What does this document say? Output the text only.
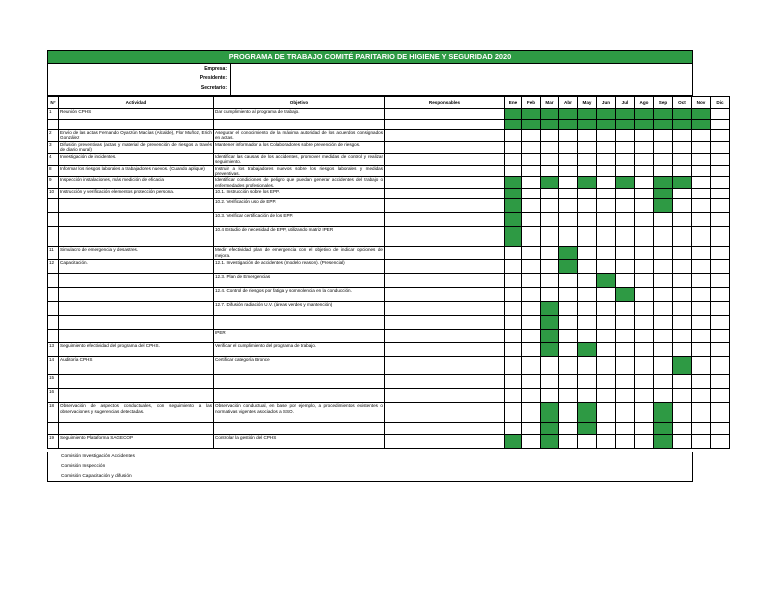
PROGRAMA DE TRABAJO COMITÉ PARITARIO DE HIGIENE Y SEGURIDAD 2020
Empresa:
Presidente:
Secretario:
N°	Actividad	Objetivo	Responsables	Ene	Feb	Mar	Abr	May	Jun	Jul	Ago	Sep	Oct	Nov	Dic
1	Reunión CPHS	Dar cumplimiento al programa de trabajo.													

2	Envío de las actas Fernando Oyarzún Macías (Alcalde), Flor Muñoz, Erich González	Asegurar el conocimiento de la máxima autoridad de los acuerdos consignados en actas.													
3	Difusión preventivas (actas y material de prevención de riesgos a través de diario mural)	Mantener informador a los Colaboradores sobre prevención de riesgos.													
4	Investigación de incidentes.	Identificar las causas de los accidentes, promover medidas de control y realizar seguimiento.													
8	Informar los riesgos laborales a trabajadores nuevos. (Cuando aplique)	Instruir a los trabajadores nuevos sobre los riesgos laborales y medidas preventivas.													
9	Inspección instalaciones, más medición de eficacia	Identificar condiciones de peligro que puedan generar accidentes del trabajo o enfermedades profesionales.													
10	Instrucción y verificación elementos protección persona.	10.1. Instrucción sobre los EPP.													
		10.2. Verificación uso de EPP.													
		10.3. Verificar certificación de los EPP.													
		10.4 Estudio de necesidad de EPP, utilizando matriz IPER													
11	Simulacro de emergencia y desastres.	Medir efectividad plan de emergencia con el objetivo de indicar opciones de mejora.													
12	Capacitación.	12.1. Investigación de accidentes (modelo reason). (Presencial)													
		12.3. Plan de Emergencias													
		12.4. Control de riesgos por fatiga y somnolencia en la conducción.													
		12.7. Difusión radiación U.V. (áreas verdes y mantención)													

		IPER													
13	Seguimiento efectividad del programa del CPHS.	Verificar el cumplimiento del programa de trabajo.													
14	Auditoría CPHS	Certificar categoría Bronce													
15															
16															
18	Observación de aspectos conductuales, con seguimiento a las observaciones y sugerencias detectadas.	Observación conductual, en base por ejemplo, a procedimientos existentes o normativas vigentes asociados a SSO.													

19	Seguimiento Plataforma SAGECOP	Controlar la gestión del CPHS													
Comisión Investigación Accidentes
Comisión Inspección
Comisión Capacitación y difusión
